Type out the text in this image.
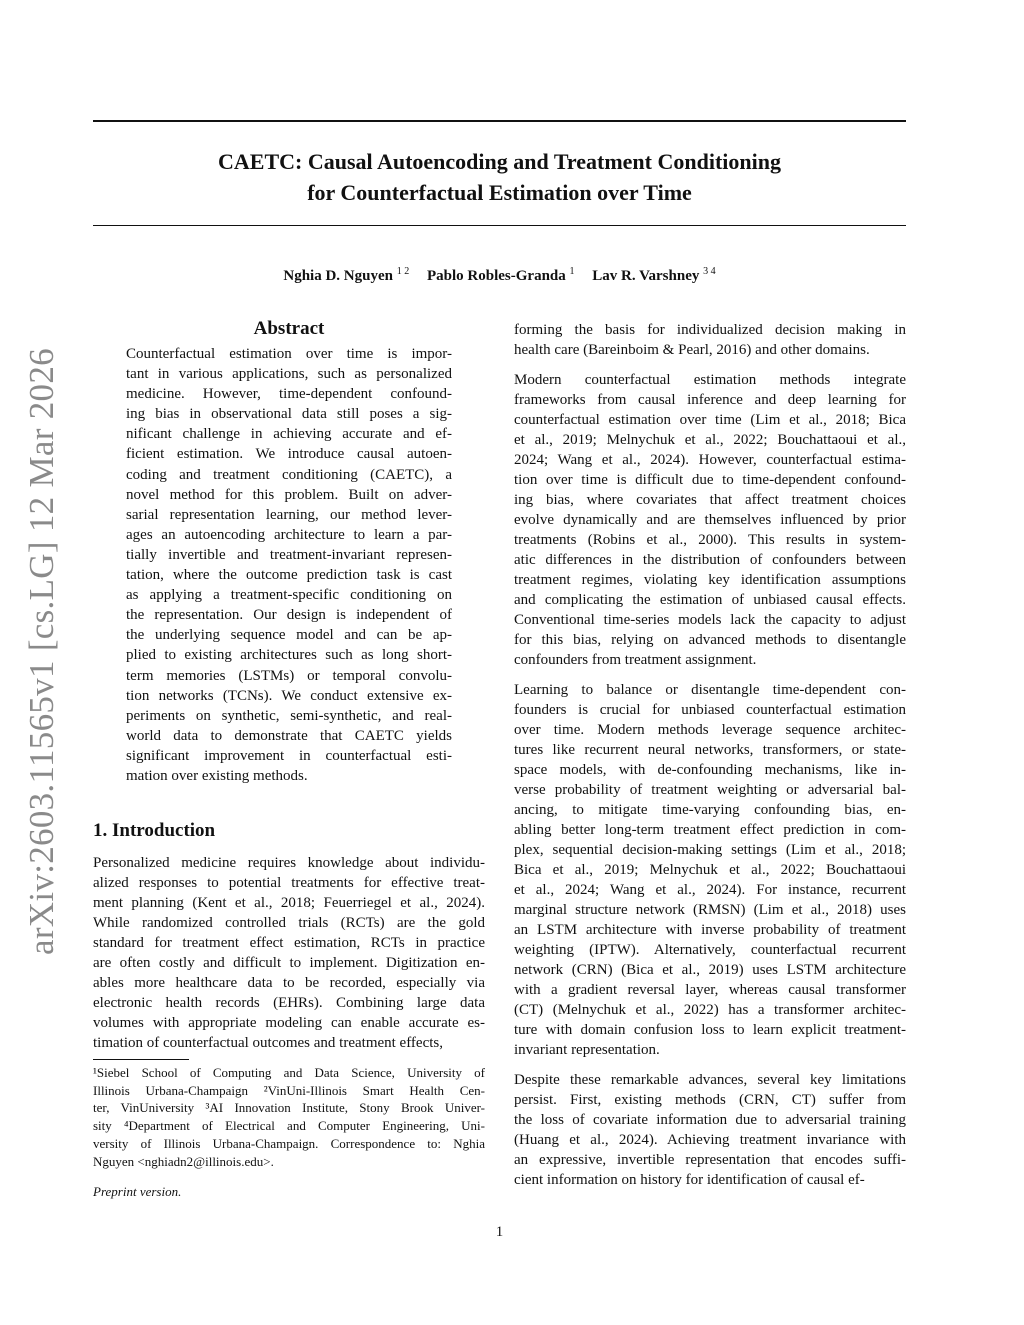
CAETC: Causal Autoencoding and Treatment Conditioning
for Counterfactual Estimation over Time
Nghia D. Nguyen $^{1 2}$ Pablo Robles-Granda $^1$ Lav R. Varshney $^{3 4}$
arXiv:2603.11565v1 [cs.LG] 12 Mar 2026
Abstract
Counterfactual estimation over time is impor-
tant in various applications, such as personalized
medicine. However, time-dependent confound-
ing bias in observational data still poses a sig-
nificant challenge in achieving accurate and ef-
ficient estimation. We introduce causal autoen-
coding and treatment conditioning (CAETC), a
novel method for this problem. Built on adver-
sarial representation learning, our method lever-
ages an autoencoding architecture to learn a par-
tially invertible and treatment-invariant represen-
tation, where the outcome prediction task is cast
as applying a treatment-specific conditioning on
the representation. Our design is independent of
the underlying sequence model and can be ap-
plied to existing architectures such as long short-
term memories (LSTMs) or temporal convolu-
tion networks (TCNs). We conduct extensive ex-
periments on synthetic, semi-synthetic, and real-
world data to demonstrate that CAETC yields
significant improvement in counterfactual esti-
mation over existing methods.
1. Introduction
Personalized medicine requires knowledge about individu-
alized responses to potential treatments for effective treat-
ment planning (Kent et al., 2018; Feuerriegel et al., 2024).
While randomized controlled trials (RCTs) are the gold
standard for treatment effect estimation, RCTs in practice
are often costly and difficult to implement. Digitization en-
ables more healthcare data to be recorded, especially via
electronic health records (EHRs). Combining large data
volumes with appropriate modeling can enable accurate es-
timation of counterfactual outcomes and treatment effects,
¹Siebel School of Computing and Data Science, University of
Illinois Urbana-Champaign ²VinUni-Illinois Smart Health Cen-
ter, VinUniversity ³AI Innovation Institute, Stony Brook Univer-
sity ⁴Department of Electrical and Computer Engineering, Uni-
versity of Illinois Urbana-Champaign. Correspondence to: Nghia
Nguyen <nghiadn2@illinois.edu>.
Preprint version.

forming the basis for individualized decision making in
health care (Bareinboim & Pearl, 2016) and other domains.

Modern counterfactual estimation methods integrate
frameworks from causal inference and deep learning for
counterfactual estimation over time (Lim et al., 2018; Bica
et al., 2019; Melnychuk et al., 2022; Bouchattaoui et al.,
2024; Wang et al., 2024). However, counterfactual estima-
tion over time is difficult due to time-dependent confound-
ing bias, where covariates that affect treatment choices
evolve dynamically and are themselves influenced by prior
treatments (Robins et al., 2000). This results in system-
atic differences in the distribution of confounders between
treatment regimes, violating key identification assumptions
and complicating the estimation of unbiased causal effects.
Conventional time-series models lack the capacity to adjust
for this bias, relying on advanced methods to disentangle
confounders from treatment assignment.

Learning to balance or disentangle time-dependent con-
founders is crucial for unbiased counterfactual estimation
over time. Modern methods leverage sequence architec-
tures like recurrent neural networks, transformers, or state-
space models, with de-confounding mechanisms, like in-
verse probability of treatment weighting or adversarial bal-
ancing, to mitigate time-varying confounding bias, en-
abling better long-term treatment effect prediction in com-
plex, sequential decision-making settings (Lim et al., 2018;
Bica et al., 2019; Melnychuk et al., 2022; Bouchattaoui
et al., 2024; Wang et al., 2024). For instance, recurrent
marginal structure network (RMSN) (Lim et al., 2018) uses
an LSTM architecture with inverse probability of treatment
weighting (IPTW). Alternatively, counterfactual recurrent
network (CRN) (Bica et al., 2019) uses LSTM architecture
with a gradient reversal layer, whereas causal transformer
(CT) (Melnychuk et al., 2022) has a transformer architec-
ture with domain confusion loss to learn explicit treatment-
invariant representation.

Despite these remarkable advances, several key limitations
persist. First, existing methods (CRN, CT) suffer from
the loss of covariate information due to adversarial training
(Huang et al., 2024). Achieving treatment invariance with
an expressive, invertible representation that encodes suffi-
cient information on history for identification of causal ef-

1
